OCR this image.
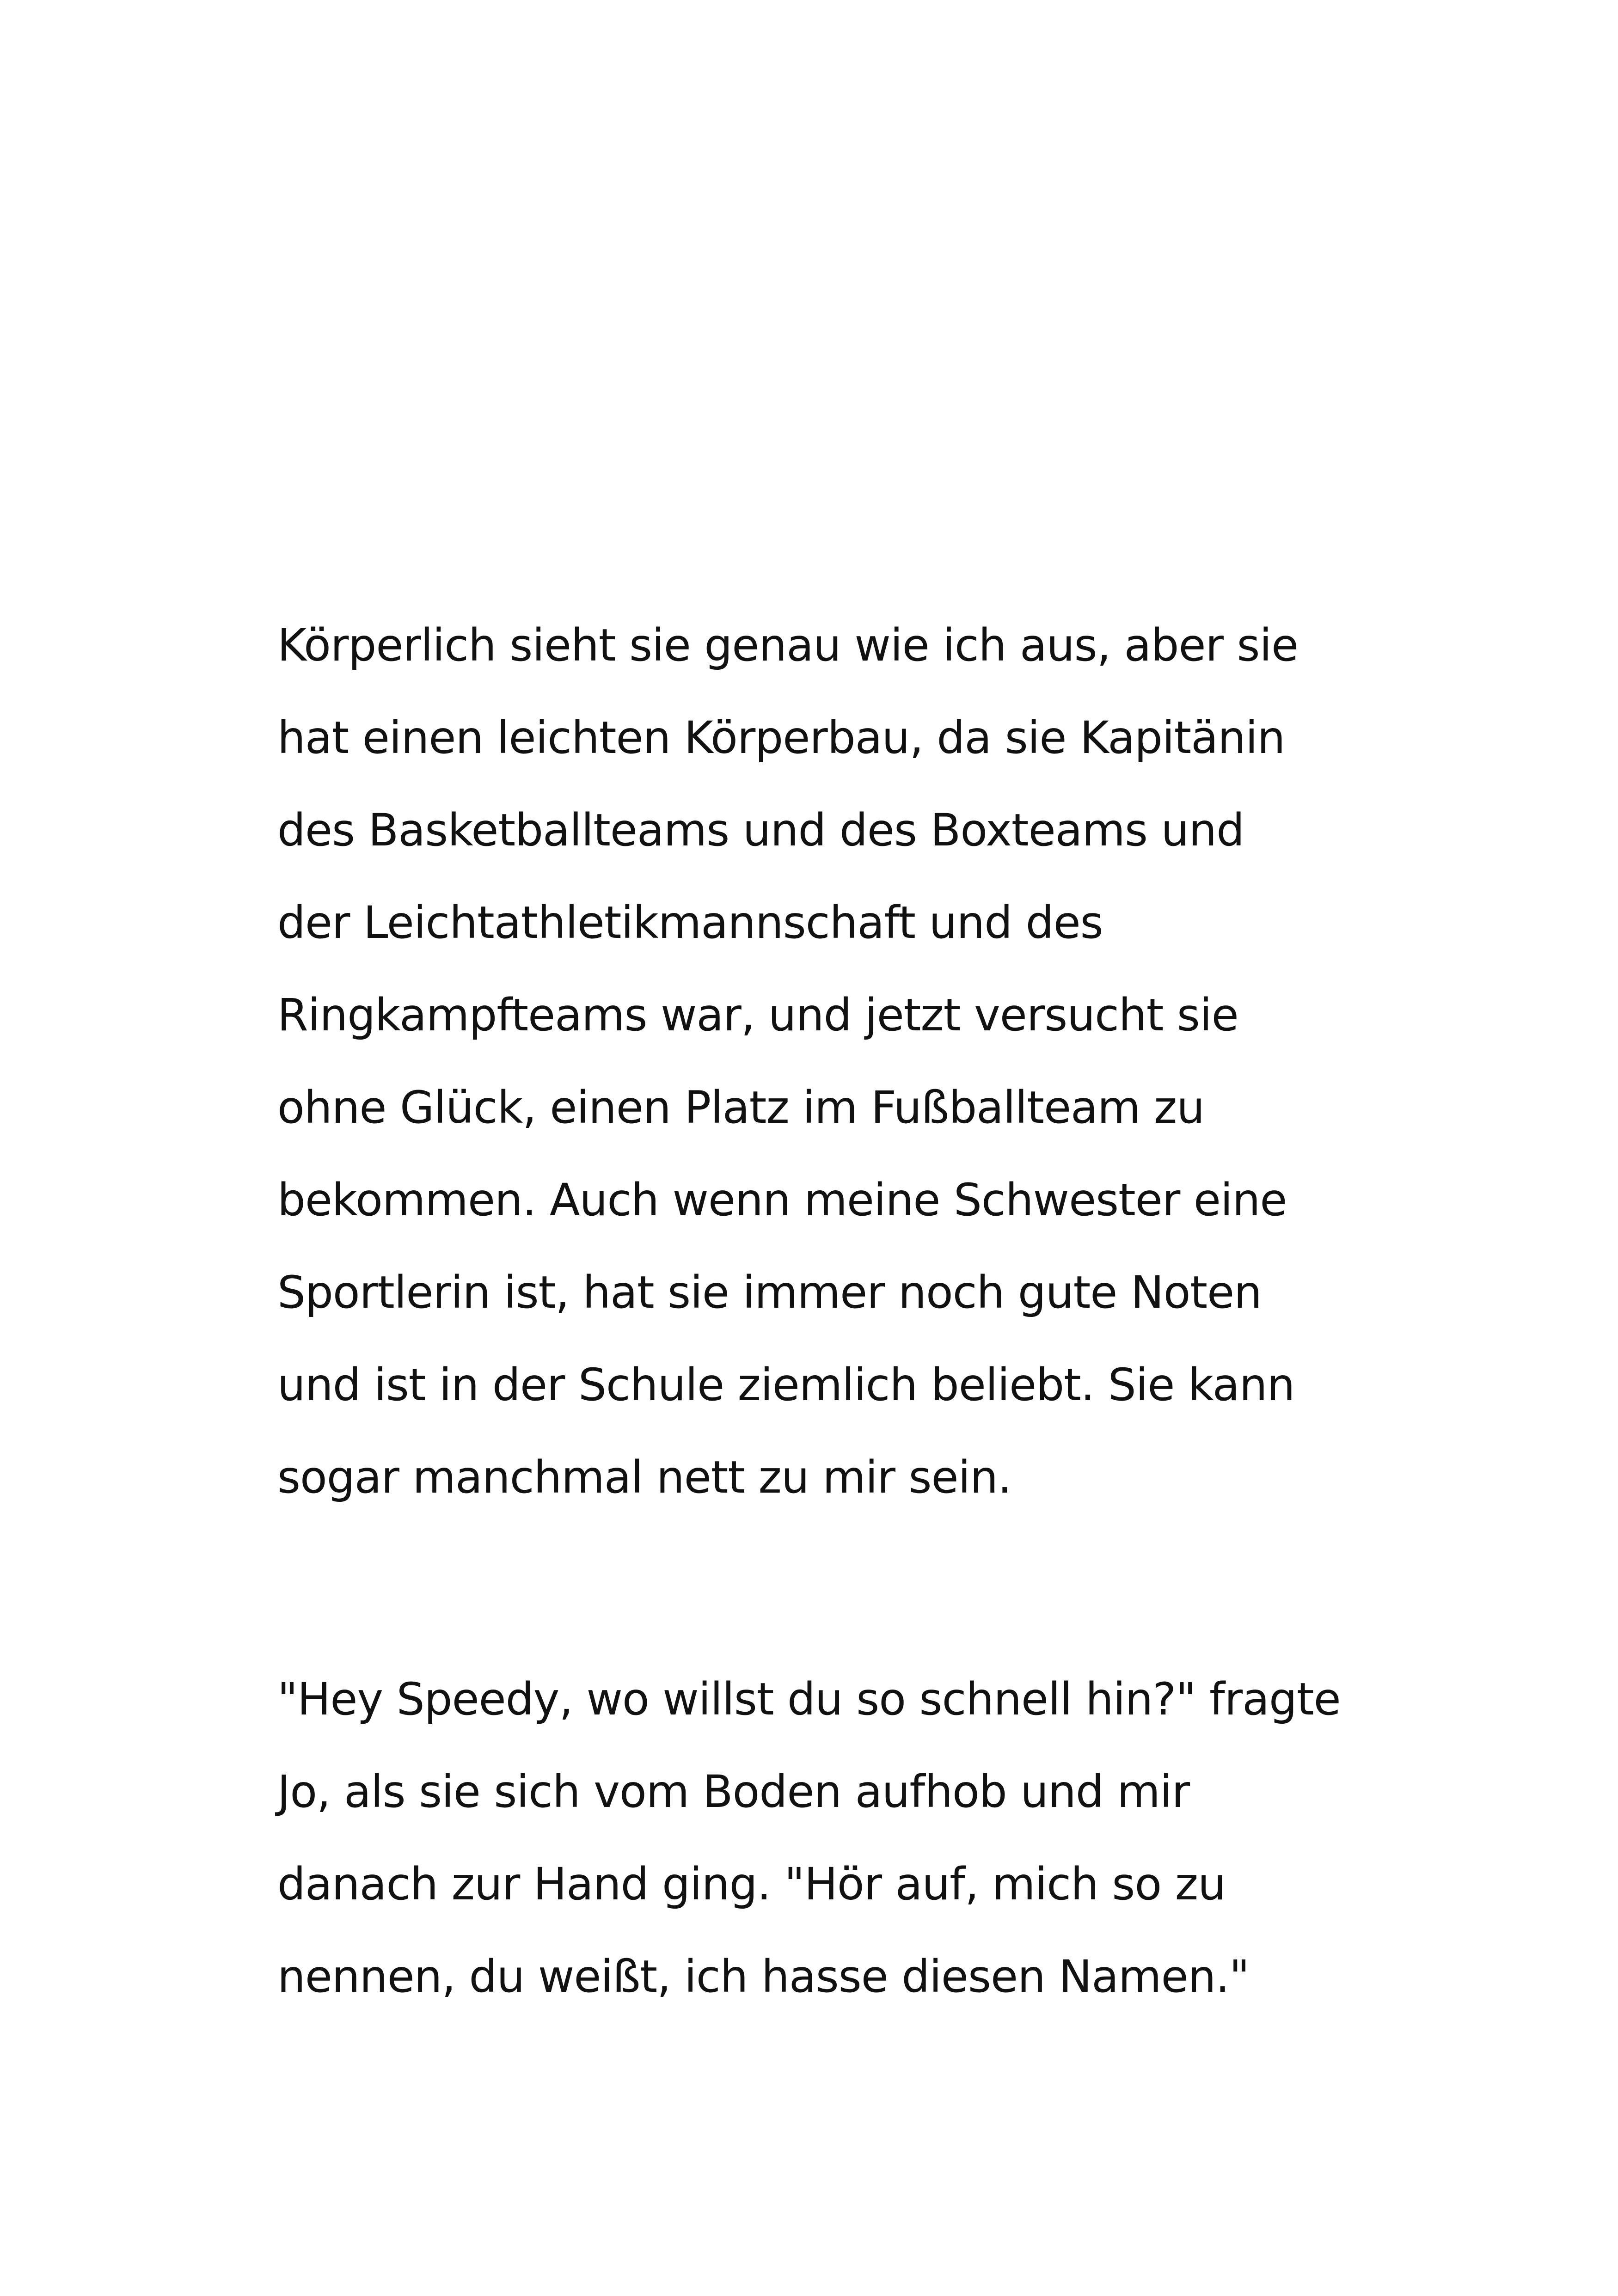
Körperlich sieht sie genau wie ich aus, aber sie
hat einen leichten Körperbau, da sie Kapitänin
des Basketballteams und des Boxteams und
der Leichtathletikmannschaft und des
Ringkampfteams war, und jetzt versucht sie
ohne Glück, einen Platz im Fußballteam zu
bekommen. Auch wenn meine Schwester eine
Sportlerin ist, hat sie immer noch gute Noten
und ist in der Schule ziemlich beliebt. Sie kann
sogar manchmal nett zu mir sein.

"Hey Speedy, wo willst du so schnell hin?" fragte
Jo, als sie sich vom Boden aufhob und mir
danach zur Hand ging. "Hör auf, mich so zu
nennen, du weißt, ich hasse diesen Namen."
